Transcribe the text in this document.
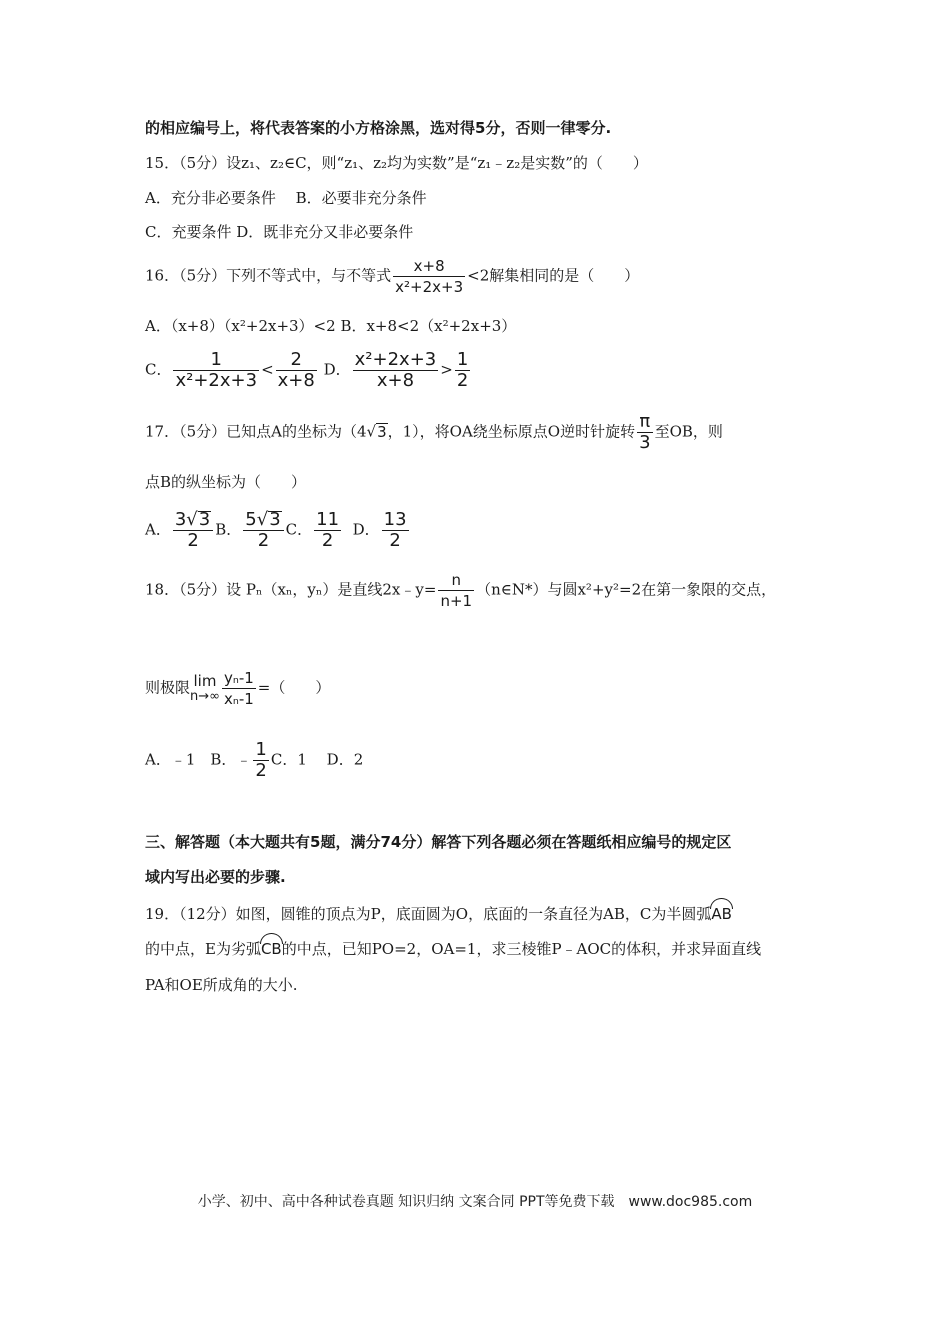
的相应编号上，将代表答案的小方格涂黑，选对得5分，否则一律零分.
15．（5分）设z₁、z₂∈C，则“z₁、z₂均为实数”是“z₁﹣z₂是实数”的（　　）
A．充分非必要条件　 B．必要非充分条件
C．充要条件 D．既非充分又非必要条件
16．（5分）下列不等式中，与不等式 $\frac{x+8}{\text{x²+2x+3}} <2$解集相同的是（　　）
A．（x+8）（x²+2x+3）<2 B．x+8<2（x²+2x+3）
C． $\frac{1}{\text{x²+2x+3}} < \frac{2}{x+8}$ D． $\frac{\text{x²+2x+3}}{x+8} > \frac{1}{2}$
17．（5分）已知点A的坐标为（4√3，1），将OA绕坐标原点O逆时针旋转 $\frac{\pi}{3}$ 至OB，则
点B的纵坐标为（　　）
A． $\frac{3√3}{2}$ B． $\frac{5√3}{2}$ C． $\frac{11}{2}$ D． $\frac{13}{2}$
18．（5分）设 Pₙ（xₙ，yₙ）是直线2x﹣y= $\frac{n}{n+1}$ （n∈N*）与圆x²+y²=2在第一象限的交点，
则极限 lim
$n\to\infty \frac{\text{yₙ-1}}{\text{xₙ-1}}$ =（　　）
A．﹣1　B．﹣ $\frac{1}{2}$ C．1　 D．2
三、解答题（本大题共有5题，满分74分）解答下列各题必须在答题纸相应编号的规定区
域内写出必要的步骤.
19．（12分）如图，圆锥的顶点为P，底面圆为O，底面的一条直径为AB，C为半圆弧AB
的中点，E为劣弧CB的中点，已知PO=2，OA=1，求三棱锥P﹣AOC的体积，并求异面直线
PA和OE所成角的大小.
小学、初中、高中各种试卷真题 知识归纳 文案合同 PPT等免费下载　www.doc985.com
